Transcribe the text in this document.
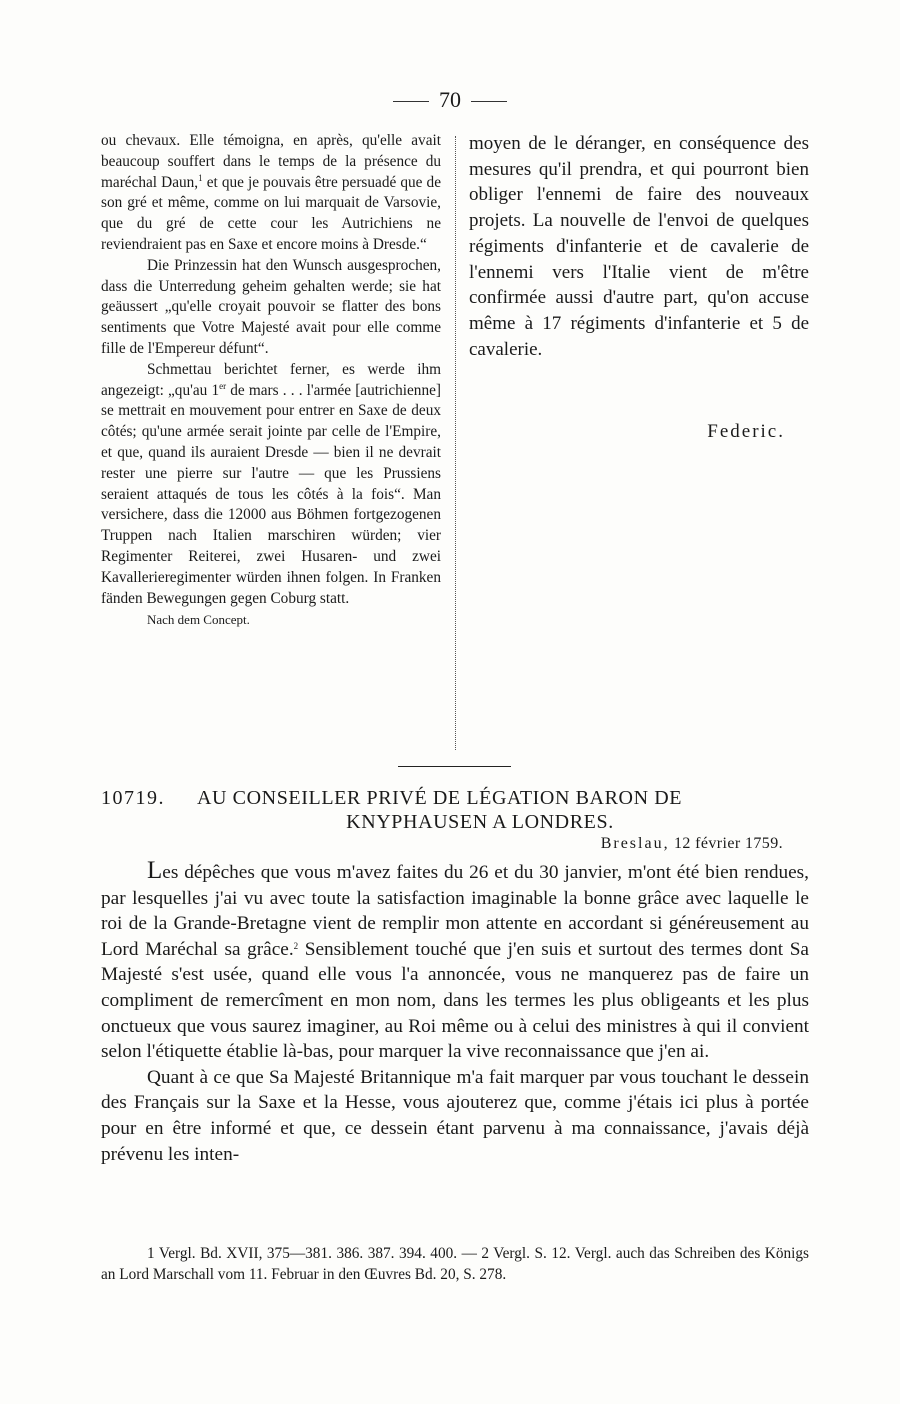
70

ou chevaux. Elle témoigna, en après, qu'elle avait beaucoup souffert dans le temps de la présence du maréchal Daun,$^1$ et que je pouvais être persuadé que de son gré et même, comme on lui marquait de Varsovie, que du gré de cette cour les Autrichiens ne reviendraient pas en Saxe et encore moins à Dresde.“

Die Prinzessin hat den Wunsch ausgesprochen, dass die Unterredung geheim gehalten werde; sie hat geäussert „qu'elle croyait pouvoir se flatter des bons sentiments que Votre Majesté avait pour elle comme fille de l'Empereur défunt“.

Schmettau berichtet ferner, es werde ihm angezeigt: „qu'au 1er de mars . . . l'armée [autrichienne] se mettrait en mouvement pour entrer en Saxe de deux côtés; qu'une armée serait jointe par celle de l'Empire, et que, quand ils auraient Dresde — bien il ne devrait rester une pierre sur l'autre — que les Prussiens seraient attaqués de tous les côtés à la fois“. Man versichere, dass die 12000 aus Böhmen fortgezogenen Truppen nach Italien marschiren würden; vier Regimenter Reiterei, zwei Husaren- und zwei Kavallerieregimenter würden ihnen folgen. In Franken fänden Bewegungen gegen Coburg statt.

Nach dem Concept.

moyen de le déranger, en conséquence des mesures qu'il prendra, et qui pourront bien obliger l'ennemi de faire des nouveaux projets. La nouvelle de l'envoi de quelques régiments d'infanterie et de cavalerie de l'ennemi vers l'Italie vient de m'être confirmée aussi d'autre part, qu'on accuse même à 17 régiments d'infanterie et 5 de cavalerie.

Federic.
10719. AU CONSEILLER PRIVÉ DE LÉGATION BARON DE
KNYPHAUSEN A LONDRES.
Breslau, 12 février 1759.

Les dépêches que vous m'avez faites du 26 et du 30 janvier, m'ont été bien rendues, par lesquelles j'ai vu avec toute la satisfaction imaginable la bonne grâce avec laquelle le roi de la Grande-Bretagne vient de remplir mon attente en accordant si généreusement au Lord Maréchal sa grâce.$^2$ Sensiblement touché que j'en suis et surtout des termes dont Sa Majesté s'est usée, quand elle vous l'a annoncée, vous ne manquerez pas de faire un compliment de remercîment en mon nom, dans les termes les plus obligeants et les plus onctueux que vous saurez imaginer, au Roi même ou à celui des ministres à qui il convient selon l'étiquette établie là-bas, pour marquer la vive reconnaissance que j'en ai.

Quant à ce que Sa Majesté Britannique m'a fait marquer par vous touchant le dessein des Français sur la Saxe et la Hesse, vous ajouterez que, comme j'étais ici plus à portée pour en être informé et que, ce dessein étant parvenu à ma connaissance, j'avais déjà prévenu les inten-

1 Vergl. Bd. XVII, 375—381. 386. 387. 394. 400. — 2 Vergl. S. 12. Vergl. auch das Schreiben des Königs an Lord Marschall vom 11. Februar in den Œuvres Bd. 20, S. 278.
